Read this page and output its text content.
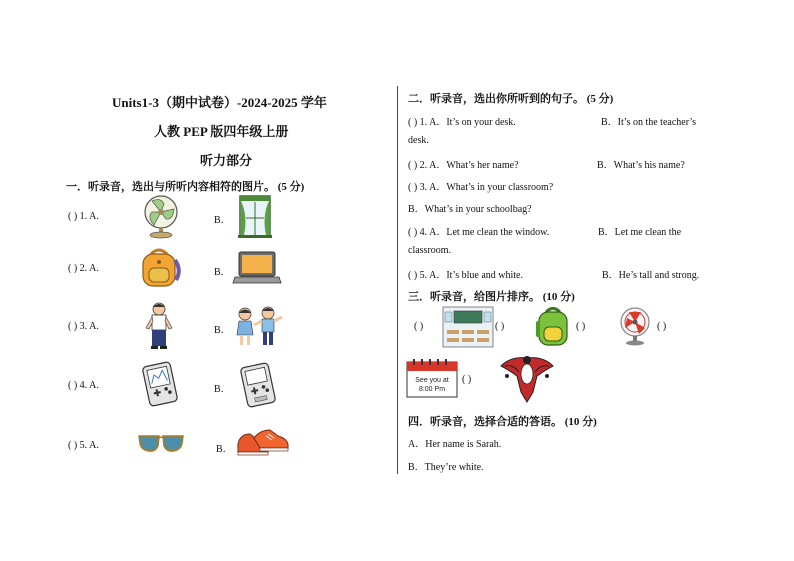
Units1-3（期中试卷）-2024-2025 学年
人教 PEP 版四年级上册
听力部分
一．听录音，选出与所听内容相符的图片。 (5 分)
( ) 1. A.	B．
( ) 2. A.	B．
( ) 3. A.	B．
( ) 4. A.	B．
( ) 5. A.	B．
二．听录音，选出你所听到的句子。 (5 分)
( ) 1. A．It’s on your desk.	B．It’s on the teacher’s
desk.
( ) 2. A．What’s her name?	B．What’s his name?
( ) 3. A．What’s in your classroom?
B．What’s in your schoolbag?
( ) 4. A．Let me clean the window.	B．Let me clean the
classroom.
( ) 5. A．It’s blue and white.	B．He’s tall and strong.
三．听录音，给图片排序。 (10 分)
( )	( )	( )	( )
( )
See you at
8:00 Pm
四．听录音，选择合适的答语。 (10 分)
A．Her name is Sarah.
B．They’re white.
